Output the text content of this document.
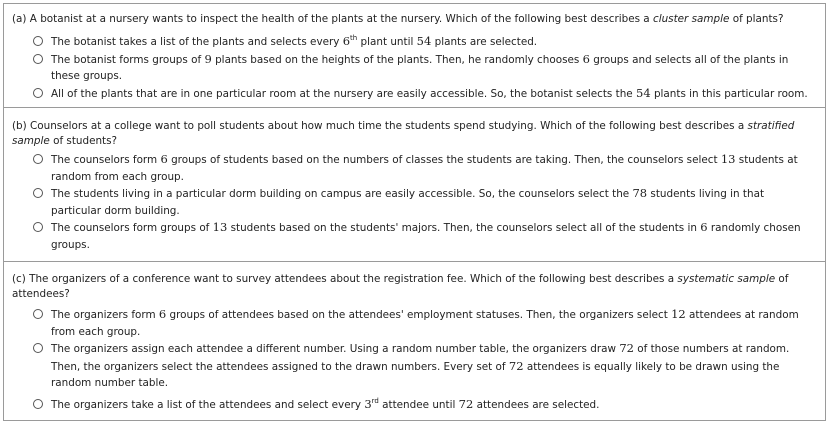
(a) A botanist at a nursery wants to inspect the health of the plants at the nursery. Which of the following best describes a cluster sample of plants?
The botanist takes a list of the plants and selects every 6th plant until 54 plants are selected.
The botanist forms groups of 9 plants based on the heights of the plants. Then, he randomly chooses 6 groups and selects all of the plants in these groups.
All of the plants that are in one particular room at the nursery are easily accessible. So, the botanist selects the 54 plants in this particular room.
(b) Counselors at a college want to poll students about how much time the students spend studying. Which of the following best describes a stratified sample of students?
The counselors form 6 groups of students based on the numbers of classes the students are taking. Then, the counselors select 13 students at random from each group.
The students living in a particular dorm building on campus are easily accessible. So, the counselors select the 78 students living in that particular dorm building.
The counselors form groups of 13 students based on the students' majors. Then, the counselors select all of the students in 6 randomly chosen groups.
(c) The organizers of a conference want to survey attendees about the registration fee. Which of the following best describes a systematic sample of attendees?
The organizers form 6 groups of attendees based on the attendees' employment statuses. Then, the organizers select 12 attendees at random from each group.
The organizers assign each attendee a different number. Using a random number table, the organizers draw 72 of those numbers at random. Then, the organizers select the attendees assigned to the drawn numbers. Every set of 72 attendees is equally likely to be drawn using the random number table.
The organizers take a list of the attendees and select every 3rd attendee until 72 attendees are selected.
